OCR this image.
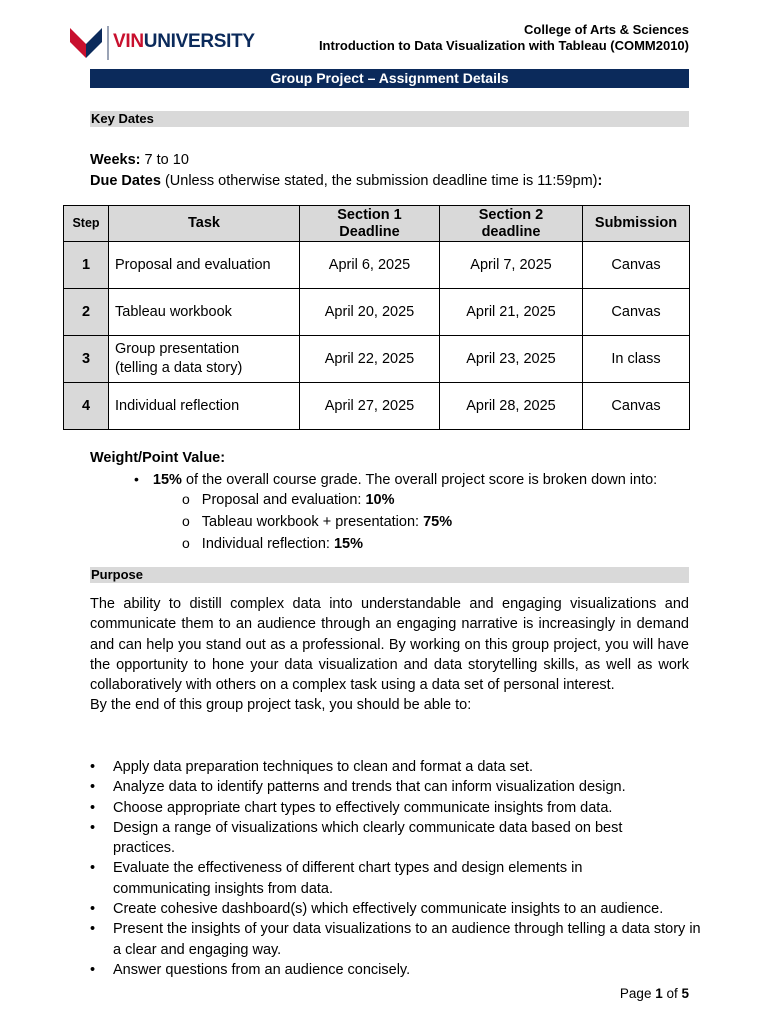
VINUNIVERSITY
College of Arts & Sciences
Introduction to Data Visualization with Tableau (COMM2010)
Group Project – Assignment Details
Key Dates
Weeks: 7 to 10
Due Dates (Unless otherwise stated, the submission deadline time is 11:59pm):
Step	Task	Section 1 Deadline	Section 2 deadline	Submission
1	Proposal and evaluation	April 6, 2025	April 7, 2025	Canvas
2	Tableau workbook	April 20, 2025	April 21, 2025	Canvas
3	Group presentation (telling a data story)	April 22, 2025	April 23, 2025	In class
4	Individual reflection	April 27, 2025	April 28, 2025	Canvas
Weight/Point Value:
• 15% of the overall course grade. The overall project score is broken down into:
o Proposal and evaluation: 10%
o Tableau workbook + presentation: 75%
o Individual reflection: 15%
Purpose
The ability to distill complex data into understandable and engaging visualizations and communicate them to an audience through an engaging narrative is increasingly in demand and can help you stand out as a professional. By working on this group project, you will have the opportunity to hone your data visualization and data storytelling skills, as well as work collaboratively with others on a complex task using a data set of personal interest.
By the end of this group project task, you should be able to:
• Apply data preparation techniques to clean and format a data set.
• Analyze data to identify patterns and trends that can inform visualization design.
• Choose appropriate chart types to effectively communicate insights from data.
• Design a range of visualizations which clearly communicate data based on best practices.
• Evaluate the effectiveness of different chart types and design elements in communicating insights from data.
• Create cohesive dashboard(s) which effectively communicate insights to an audience.
• Present the insights of your data visualizations to an audience through telling a data story in a clear and engaging way.
• Answer questions from an audience concisely.
Page 1 of 5
